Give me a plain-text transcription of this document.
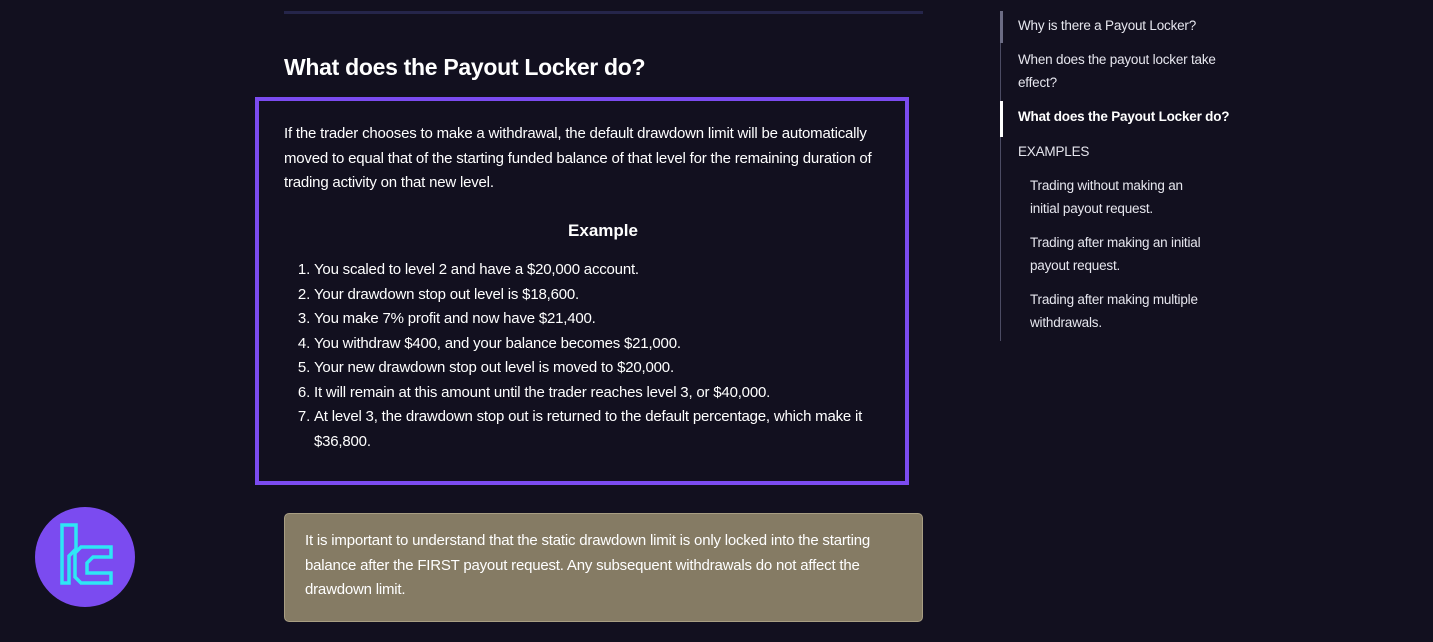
What does the Payout Locker do?

If the trader chooses to make a withdrawal, the default drawdown limit will be automatically moved to equal that of the starting funded balance of that level for the remaining duration of trading activity on that new level.

Example
1. You scaled to level 2 and have a $20,000 account.
2. Your drawdown stop out level is $18,600.
3. You make 7% profit and now have $21,400.
4. You withdraw $400, and your balance becomes $21,000.
5. Your new drawdown stop out level is moved to $20,000.
6. It will remain at this amount until the trader reaches level 3, or $40,000.
7. At level 3, the drawdown stop out is returned to the default percentage, which make it $36,800.

It is important to understand that the static drawdown limit is only locked into the starting balance after the FIRST payout request. Any subsequent withdrawals do not affect the drawdown limit.

Why is there a Payout Locker?
When does the payout locker take effect?
What does the Payout Locker do?
EXAMPLES
Trading without making an initial payout request.
Trading after making an initial payout request.
Trading after making multiple withdrawals.
